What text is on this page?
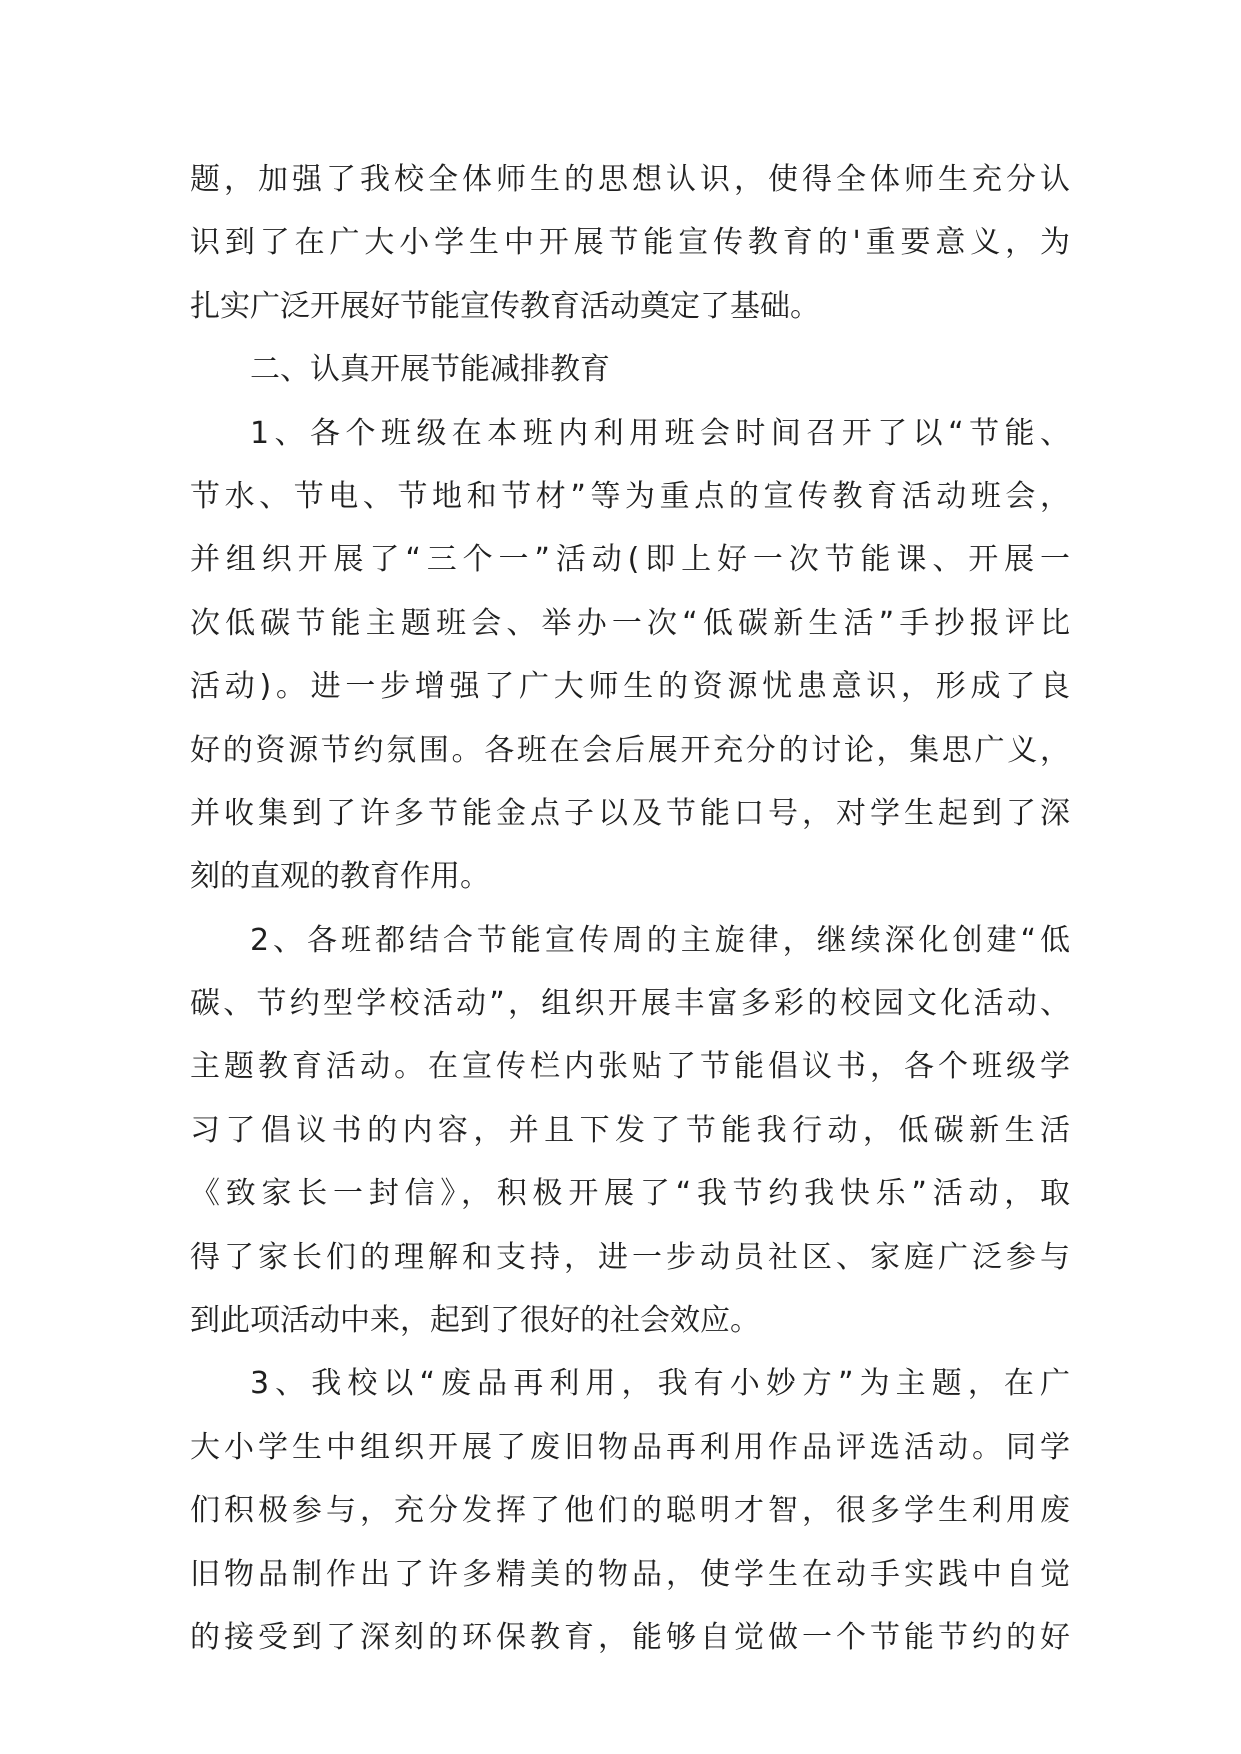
题，加强了我校全体师生的思想认识，使得全体师生充分认
识到了在广大小学生中开展节能宣传教育的'重要意义，为
扎实广泛开展好节能宣传教育活动奠定了基础。
二、认真开展节能减排教育
1、各个班级在本班内利用班会时间召开了以“节能、
节水、节电、节地和节材”等为重点的宣传教育活动班会，
并组织开展了“三个一”活动(即上好一次节能课、开展一
次低碳节能主题班会、举办一次“低碳新生活”手抄报评比
活动)。进一步增强了广大师生的资源忧患意识，形成了良
好的资源节约氛围。各班在会后展开充分的讨论，集思广义，
并收集到了许多节能金点子以及节能口号，对学生起到了深
刻的直观的教育作用。
2、各班都结合节能宣传周的主旋律，继续深化创建“低
碳、节约型学校活动”，组织开展丰富多彩的校园文化活动、
主题教育活动。在宣传栏内张贴了节能倡议书，各个班级学
习了倡议书的内容，并且下发了节能我行动，低碳新生活
《致家长一封信》，积极开展了“我节约我快乐”活动，取
得了家长们的理解和支持，进一步动员社区、家庭广泛参与
到此项活动中来，起到了很好的社会效应。
3、我校以“废品再利用，我有小妙方”为主题，在广
大小学生中组织开展了废旧物品再利用作品评选活动。同学
们积极参与，充分发挥了他们的聪明才智，很多学生利用废
旧物品制作出了许多精美的物品，使学生在动手实践中自觉
的接受到了深刻的环保教育，能够自觉做一个节能节约的好
